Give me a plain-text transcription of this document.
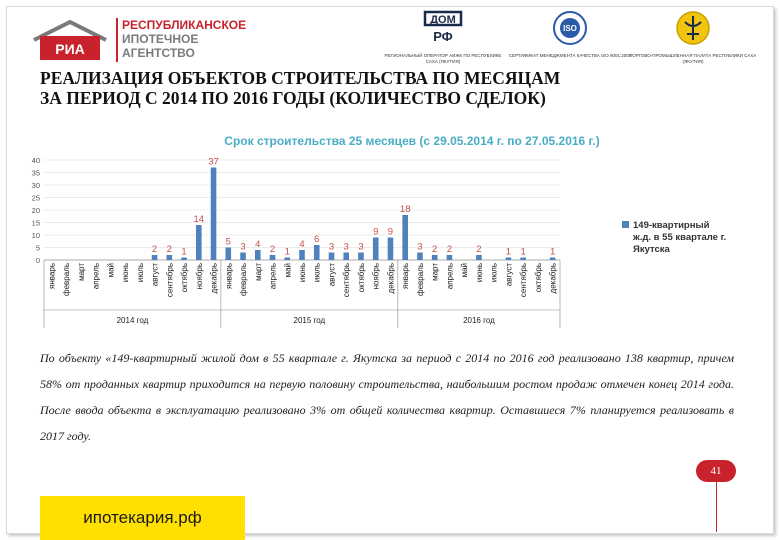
РИА
РЕСПУБЛИКАНСКОЕ
ИПОТЕЧНОЕ
АГЕНТСТВО
ДОМ
РФ
РЕГИОНАЛЬНЫЙ ОПЕРАТОР АИЖК ПО РЕСПУБЛИКЕ САХА (ЯКУТИЯ)
ISO
СЕРТИФИКАТ МЕНЕДЖМЕНТА КАЧЕСТВА ISO 9001:2008
ТОРГОВО-ПРОМЫШЛЕННАЯ ПАЛАТА РЕСПУБЛИКИ САХА (ЯКУТИЯ)
РЕАЛИЗАЦИЯ ОБЪЕКТОВ СТРОИТЕЛЬСТВА ПО МЕСЯЦАМ
ЗА ПЕРИОД С 2014 ПО 2016 ГОДЫ (КОЛИЧЕСТВО СДЕЛОК)
Срок строительства 25 месяцев (с 29.05.2014 г. по 27.05.2016 г.)
0
5
10
15
20
25
30
35
40
2 2 1
14
37
5 3 4 2 1
4 6
3 3 3
9 9
18
3 2 2	2	1 1	1
январь февраль март апрель май июнь июль август сентябрь октябрь ноябрь декабрь январь февраль март апрель май июнь июль август сентябрь октябрь ноябрь декабрь январь февраль март апрель май июнь июль август сентябрь октябрь декабрь
2014 год	2015 год	2016 год
149-квартирный
ж.д. в 55 квартале г.
Якутска
По объекту «149-квартирный жилой дом в 55 квартале г. Якутска за период с 2014 по 2016 год реализовано 138 квартир, причем 58% от проданных квартир приходится на первую половину строительства, наибольшим ростом продаж отмечен конец 2014 года. После ввода объекта в эксплуатацию реализовано 3% от общей количества квартир. Оставшиеся 7% планируется реализовать в 2017 году.
41
ипотекария.рф
